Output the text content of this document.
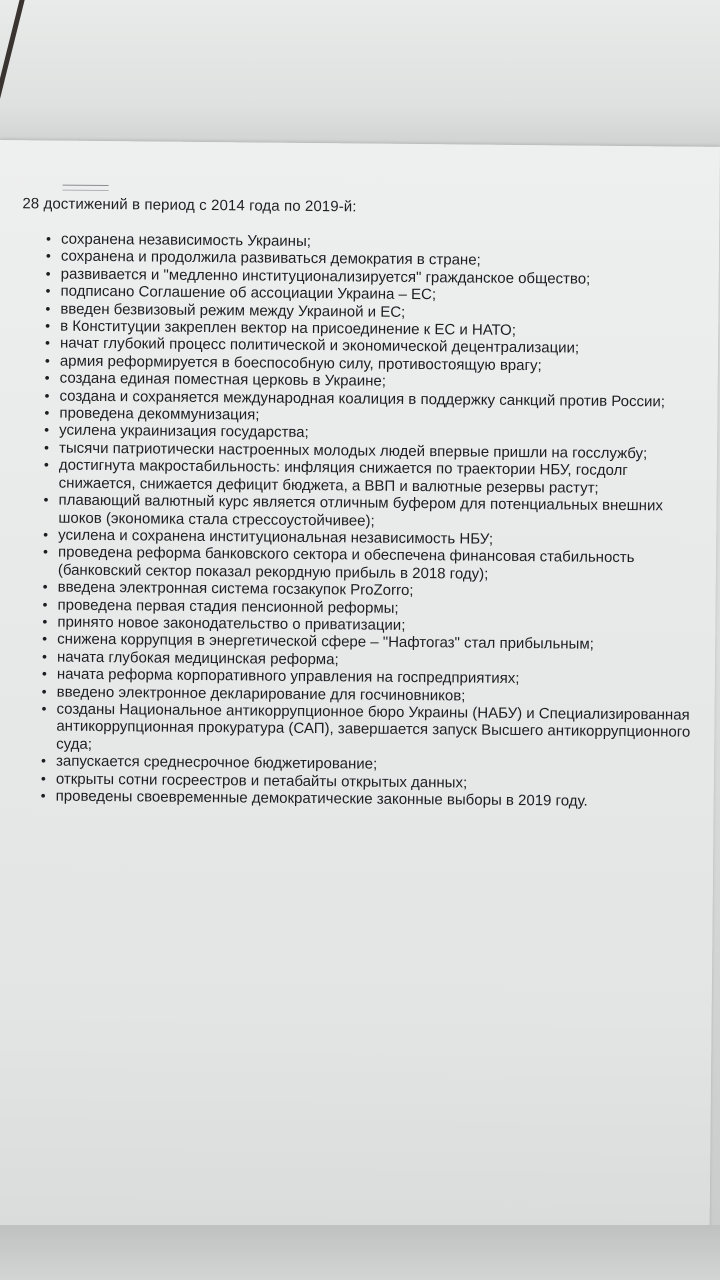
28 достижений в период с 2014 года по 2019-й:
• сохранена независимость Украины;
• сохранена и продолжила развиваться демократия в стране;
• развивается и "медленно институционализируется" гражданское общество;
• подписано Соглашение об ассоциации Украина – ЕС;
• введен безвизовый режим между Украиной и ЕС;
• в Конституции закреплен вектор на присоединение к ЕС и НАТО;
• начат глубокий процесс политической и экономической децентрализации;
• армия реформируется в боеспособную силу, противостоящую врагу;
• создана единая поместная церковь в Украине;
• создана и сохраняется международная коалиция в поддержку санкций против России;
• проведена декоммунизация;
• усилена украинизация государства;
• тысячи патриотически настроенных молодых людей впервые пришли на госслужбу;
• достигнута макростабильность: инфляция снижается по траектории НБУ, госдолг снижается, снижается дефицит бюджета, а ВВП и валютные резервы растут;
• плавающий валютный курс является отличным буфером для потенциальных внешних шоков (экономика стала стрессоустойчивее);
• усилена и сохранена институциональная независимость НБУ;
• проведена реформа банковского сектора и обеспечена финансовая стабильность (банковский сектор показал рекордную прибыль в 2018 году);
• введена электронная система госзакупок ProZorro;
• проведена первая стадия пенсионной реформы;
• принято новое законодательство о приватизации;
• снижена коррупция в энергетической сфере – "Нафтогаз" стал прибыльным;
• начата глубокая медицинская реформа;
• начата реформа корпоративного управления на госпредприятиях;
• введено электронное декларирование для госчиновников;
• созданы Национальное антикоррупционное бюро Украины (НАБУ) и Специализированная антикоррупционная прокуратура (САП), завершается запуск Высшего антикоррупционного суда;
• запускается среднесрочное бюджетирование;
• открыты сотни госреестров и петабайты открытых данных;
• проведены своевременные демократические законные выборы в 2019 году.
